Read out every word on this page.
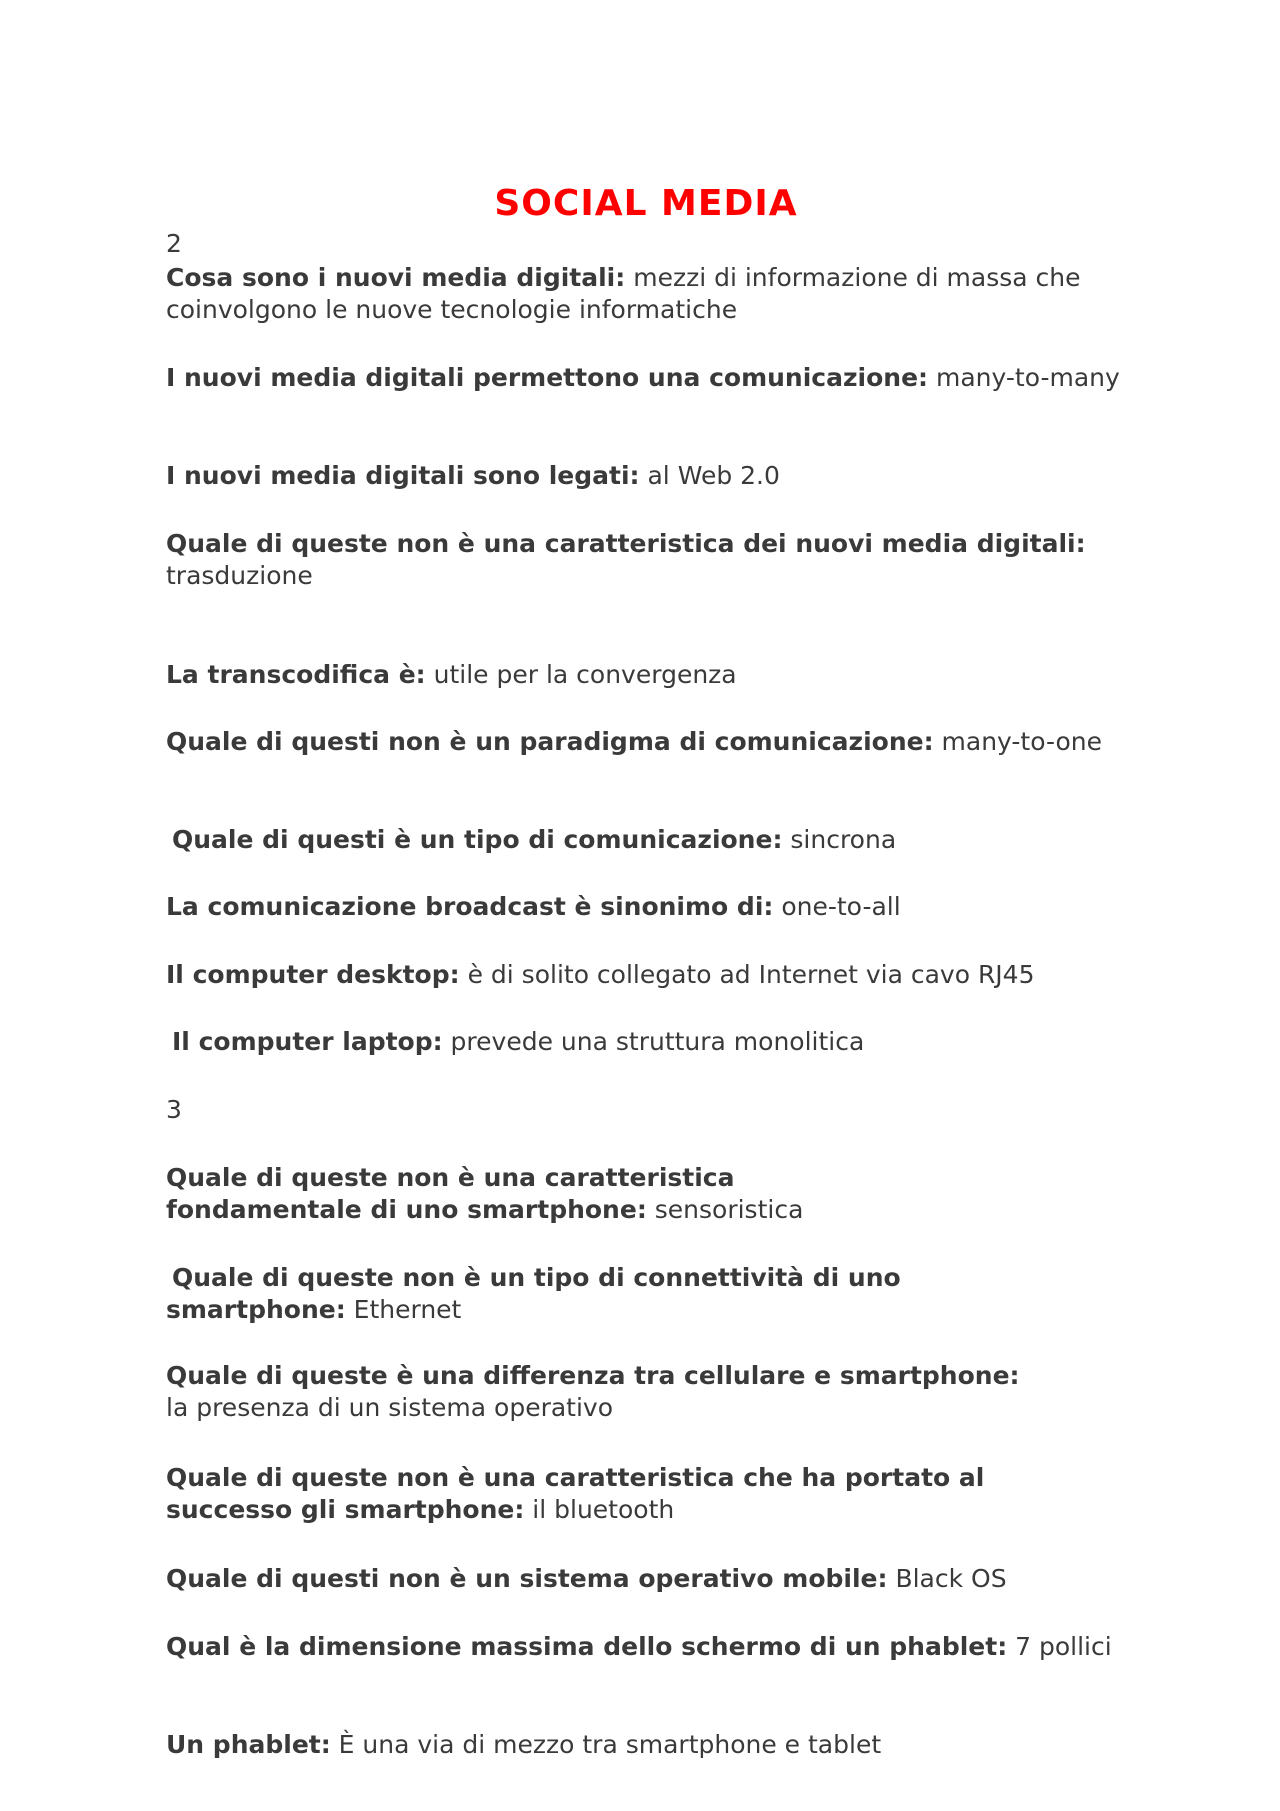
SOCIAL MEDIA
2
Cosa sono i nuovi media digitali: mezzi di informazione di massa che coinvolgono le nuove tecnologie informatiche
I nuovi media digitali permettono una comunicazione: many-to-many
I nuovi media digitali sono legati: al Web 2.0
Quale di queste non è una caratteristica dei nuovi media digitali:
trasduzione
La transcodifica è: utile per la convergenza
Quale di questi non è un paradigma di comunicazione: many-to-one
Quale di questi è un tipo di comunicazione: sincrona
La comunicazione broadcast è sinonimo di: one-to-all
Il computer desktop: è di solito collegato ad Internet via cavo RJ45
Il computer laptop: prevede una struttura monolitica
3
Quale di queste non è una caratteristica fondamentale di uno smartphone: sensoristica
Quale di queste non è un tipo di connettività di uno smartphone: Ethernet
Quale di queste è una differenza tra cellulare e smartphone:
la presenza di un sistema operativo
Quale di queste non è una caratteristica che ha portato al successo gli smartphone: il bluetooth
Quale di questi non è un sistema operativo mobile: Black OS
Qual è la dimensione massima dello schermo di un phablet: 7 pollici
Un phablet: È una via di mezzo tra smartphone e tablet
